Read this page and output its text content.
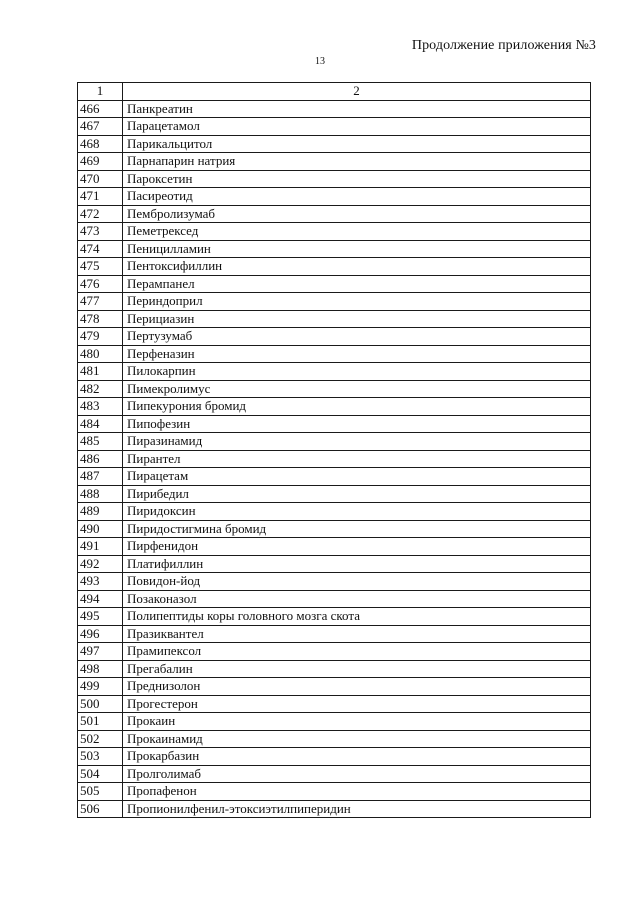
Продолжение приложения №3
13
1	2
466	Панкреатин
467	Парацетамол
468	Парикальцитол
469	Парнапарин натрия
470	Пароксетин
471	Пасиреотид
472	Пембролизумаб
473	Пеметрексед
474	Пеницилламин
475	Пентоксифиллин
476	Перампанел
477	Периндоприл
478	Перициазин
479	Пертузумаб
480	Перфеназин
481	Пилокарпин
482	Пимекролимус
483	Пипекурония бромид
484	Пипофезин
485	Пиразинамид
486	Пирантел
487	Пирацетам
488	Пирибедил
489	Пиридоксин
490	Пиридостигмина бромид
491	Пирфенидон
492	Платифиллин
493	Повидон-йод
494	Позаконазол
495	Полипептиды коры головного мозга скота
496	Празиквантел
497	Прамипексол
498	Прегабалин
499	Преднизолон
500	Прогестерон
501	Прокаин
502	Прокаинамид
503	Прокарбазин
504	Пролголимаб
505	Пропафенон
506	Пропионилфенил-этоксиэтилпиперидин
